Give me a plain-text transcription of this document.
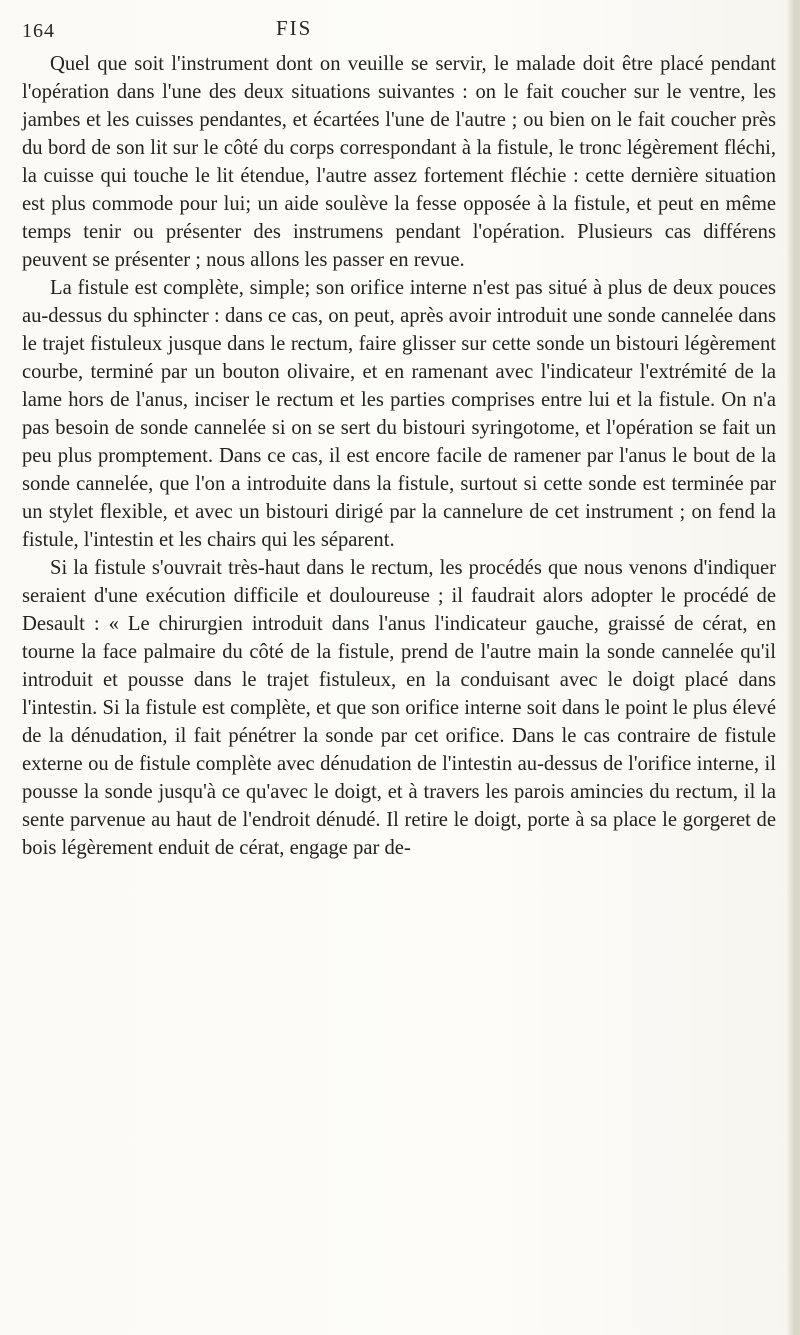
164	FIS

Quel que soit l'instrument dont on veuille se servir, le malade doit être placé pendant l'opération dans l'une des deux situations suivantes : on le fait coucher sur le ventre, les jambes et les cuisses pendantes, et écartées l'une de l'autre ; ou bien on le fait coucher près du bord de son lit sur le côté du corps correspondant à la fistule, le tronc légèrement fléchi, la cuisse qui touche le lit étendue, l'autre assez fortement fléchie : cette dernière situation est plus commode pour lui; un aide soulève la fesse opposée à la fistule, et peut en même temps tenir ou présenter des instrumens pendant l'opération. Plusieurs cas différens peuvent se présenter ; nous allons les passer en revue.

La fistule est complète, simple; son orifice interne n'est pas situé à plus de deux pouces au-dessus du sphincter : dans ce cas, on peut, après avoir introduit une sonde cannelée dans le trajet fistuleux jusque dans le rectum, faire glisser sur cette sonde un bistouri légèrement courbe, terminé par un bouton olivaire, et en ramenant avec l'indicateur l'extrémité de la lame hors de l'anus, inciser le rectum et les parties comprises entre lui et la fistule. On n'a pas besoin de sonde cannelée si on se sert du bistouri syringotome, et l'opération se fait un peu plus promptement. Dans ce cas, il est encore facile de ramener par l'anus le bout de la sonde cannelée, que l'on a introduite dans la fistule, surtout si cette sonde est terminée par un stylet flexible, et avec un bistouri dirigé par la cannelure de cet instrument ; on fend la fistule, l'intestin et les chairs qui les séparent.

Si la fistule s'ouvrait très-haut dans le rectum, les procédés que nous venons d'indiquer seraient d'une exécution difficile et douloureuse ; il faudrait alors adopter le procédé de Desault : « Le chirurgien introduit dans l'anus l'indicateur gauche, graissé de cérat, en tourne la face palmaire du côté de la fistule, prend de l'autre main la sonde cannelée qu'il introduit et pousse dans le trajet fistuleux, en la conduisant avec le doigt placé dans l'intestin. Si la fistule est complète, et que son orifice interne soit dans le point le plus élevé de la dénudation, il fait pénétrer la sonde par cet orifice. Dans le cas contraire de fistule externe ou de fistule complète avec dénudation de l'intestin au-dessus de l'orifice interne, il pousse la sonde jusqu'à ce qu'avec le doigt, et à travers les parois amincies du rectum, il la sente parvenue au haut de l'endroit dénudé. Il retire le doigt, porte à sa place le gorgeret de bois légèrement enduit de cérat, engage par de-
